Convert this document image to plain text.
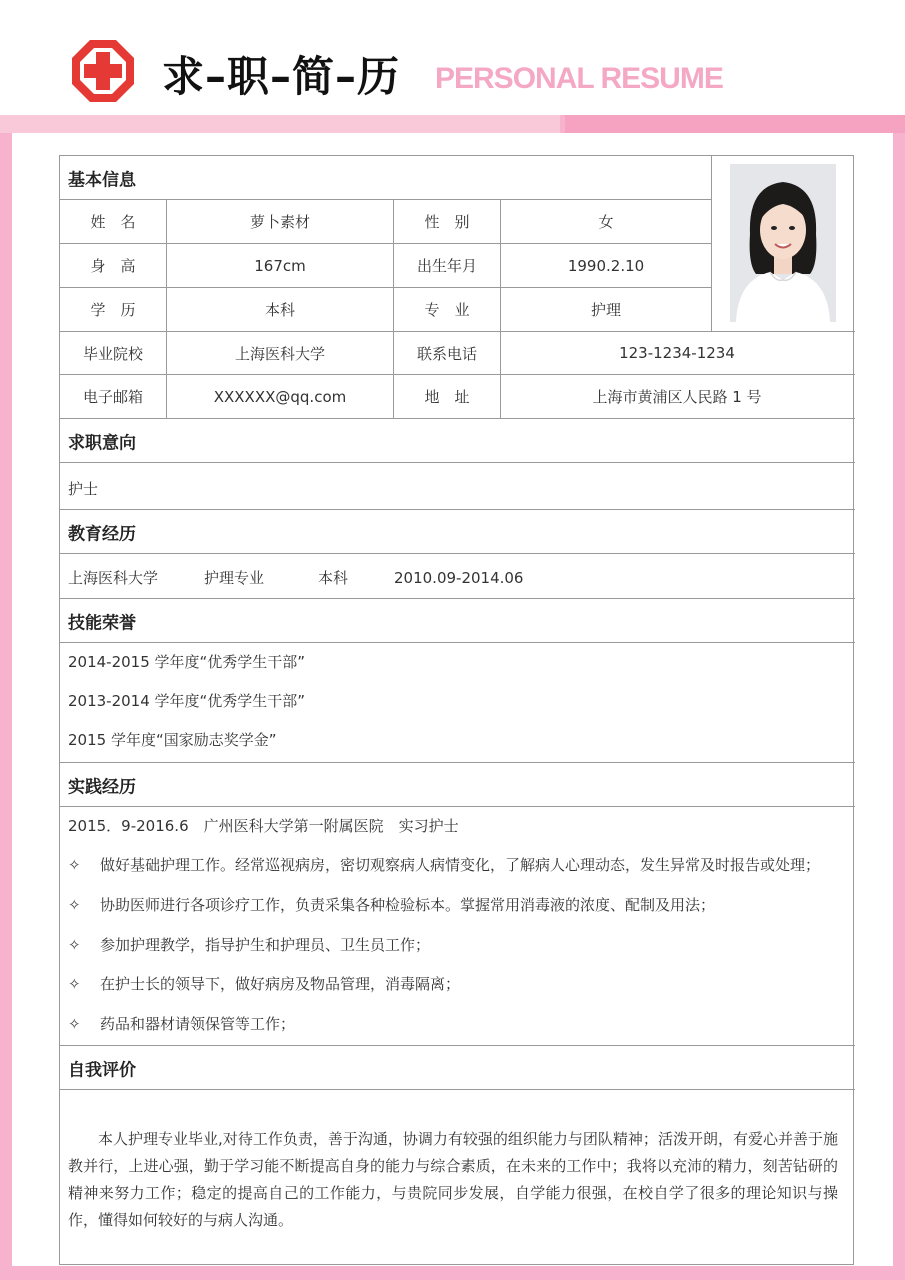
求–职–简–历 PERSONAL RESUME
基本信息
姓　名	萝卜素材	性　别	女
身　高	167cm	出生年月	1990.2.10
学　历	本科	专　业	护理
毕业院校	上海医科大学	联系电话	123-1234-1234
电子邮箱	XXXXXX@qq.com	地　址	上海市黄浦区人民路 1 号
求职意向
护士
教育经历
上海医科大学	护理专业	本科	2010.09-2014.06
技能荣誉
2014-2015 学年度“优秀学生干部”
2013-2014 学年度“优秀学生干部”
2015 学年度“国家励志奖学金”
实践经历
2015．9-2016.6　广州医科大学第一附属医院　实习护士
✧ 做好基础护理工作。经常巡视病房，密切观察病人病情变化，了解病人心理动态，发生异常及时报告或处理；
✧ 协助医师进行各项诊疗工作，负责采集各种检验标本。掌握常用消毒液的浓度、配制及用法；
✧ 参加护理教学，指导护生和护理员、卫生员工作；
✧ 在护士长的领导下，做好病房及物品管理，消毒隔离；
✧ 药品和器材请领保管等工作；
自我评价
本人护理专业毕业,对待工作负责，善于沟通，协调力有较强的组织能力与团队精神；活泼开朗，有爱心并善于施教并行，上进心强，勤于学习能不断提高自身的能力与综合素质，在未来的工作中；我将以充沛的精力，刻苦钻研的精神来努力工作；稳定的提高自己的工作能力，与贵院同步发展，自学能力很强，在校自学了很多的理论知识与操作，懂得如何较好的与病人沟通。
